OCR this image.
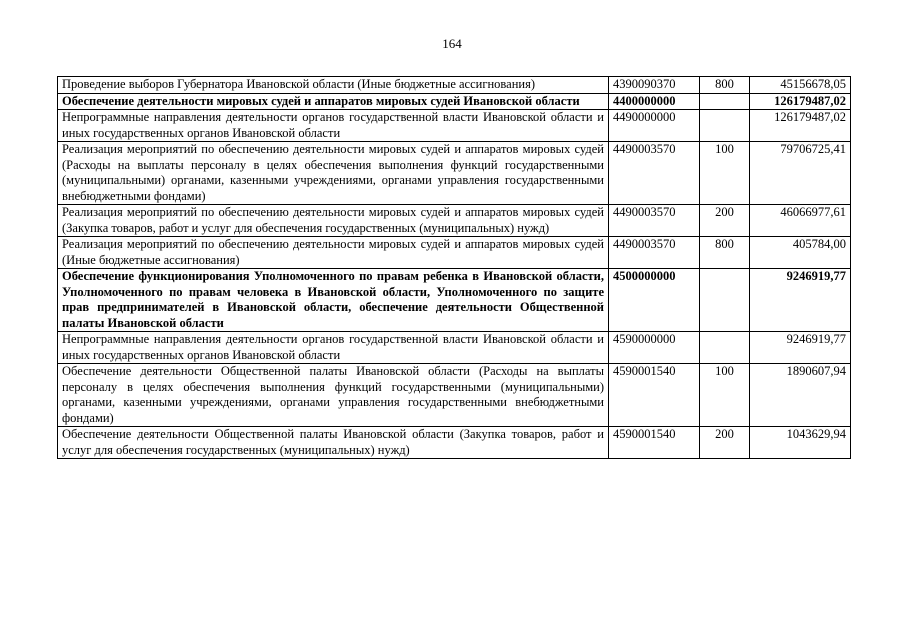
164
Проведение выборов Губернатора Ивановской области (Иные бюджетные ассигнования)	4390090370	800	45156678,05
Обеспечение деятельности мировых судей и аппаратов мировых судей Ивановской области	4400000000		126179487,02
Непрограммные направления деятельности органов государственной власти Ивановской области и иных государственных органов Ивановской области	4490000000		126179487,02
Реализация мероприятий по обеспечению деятельности мировых судей и аппаратов мировых судей (Расходы на выплаты персоналу в целях обеспечения выполнения функций государственными (муниципальными) органами, казенными учреждениями, органами управления государственными внебюджетными фондами)	4490003570	100	79706725,41
Реализация мероприятий по обеспечению деятельности мировых судей и аппаратов мировых судей (Закупка товаров, работ и услуг для обеспечения государственных (муниципальных) нужд)	4490003570	200	46066977,61
Реализация мероприятий по обеспечению деятельности мировых судей и аппаратов мировых судей (Иные бюджетные ассигнования)	4490003570	800	405784,00
Обеспечение функционирования Уполномоченного по правам ребенка в Ивановской области, Уполномоченного по правам человека в Ивановской области, Уполномоченного по защите прав предпринимателей в Ивановской области, обеспечение деятельности Общественной палаты Ивановской области	4500000000		9246919,77
Непрограммные направления деятельности органов государственной власти Ивановской области и иных государственных органов Ивановской области	4590000000		9246919,77
Обеспечение деятельности Общественной палаты Ивановской области (Расходы на выплаты персоналу в целях обеспечения выполнения функций государственными (муниципальными) органами, казенными учреждениями, органами управления государственными внебюджетными фондами)	4590001540	100	1890607,94
Обеспечение деятельности Общественной палаты Ивановской области (Закупка товаров, работ и услуг для обеспечения государственных (муниципальных) нужд)	4590001540	200	1043629,94
